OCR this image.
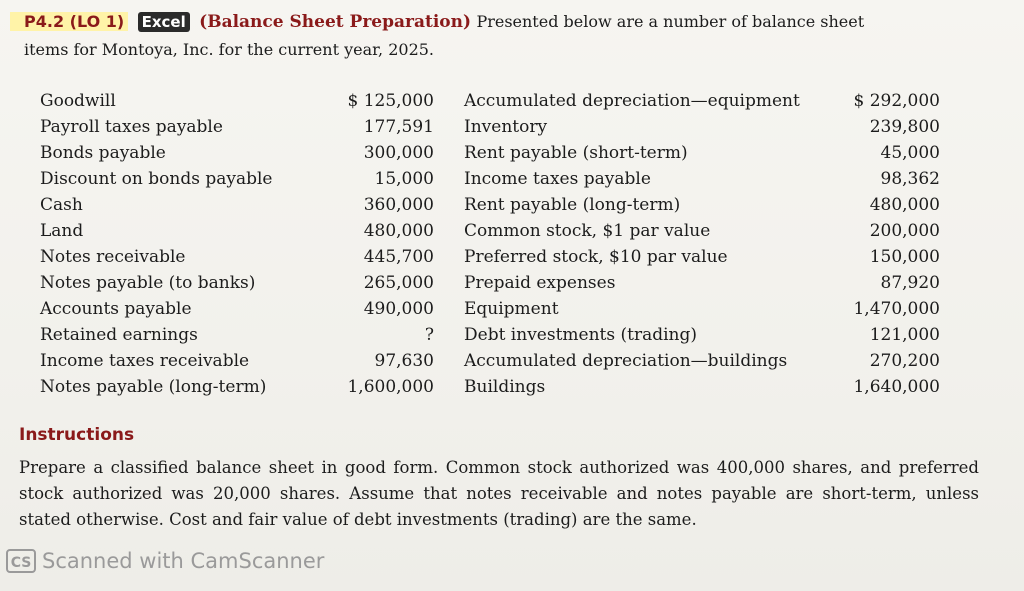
P4.2 (LO 1) Excel (Balance Sheet Preparation) Presented below are a number of balance sheet
items for Montoya, Inc. for the current year, 2025.
Goodwill	$ 125,000
Payroll taxes payable	177,591
Bonds payable	300,000
Discount on bonds payable	15,000
Cash	360,000
Land	480,000
Notes receivable	445,700
Notes payable (to banks)	265,000
Accounts payable	490,000
Retained earnings	?
Income taxes receivable	97,630
Notes payable (long-term)	1,600,000
Accumulated depreciation—equipment	$ 292,000
Inventory	239,800
Rent payable (short-term)	45,000
Income taxes payable	98,362
Rent payable (long-term)	480,000
Common stock, $1 par value	200,000
Preferred stock, $10 par value	150,000
Prepaid expenses	87,920
Equipment	1,470,000
Debt investments (trading)	121,000
Accumulated depreciation—buildings	270,200
Buildings	1,640,000
Instructions
Prepare a classified balance sheet in good form. Common stock authorized was 400,000 shares, and preferred stock authorized was 20,000 shares. Assume that notes receivable and notes payable are short-term, unless stated otherwise. Cost and fair value of debt investments (trading) are the same.
CS Scanned with CamScanner
